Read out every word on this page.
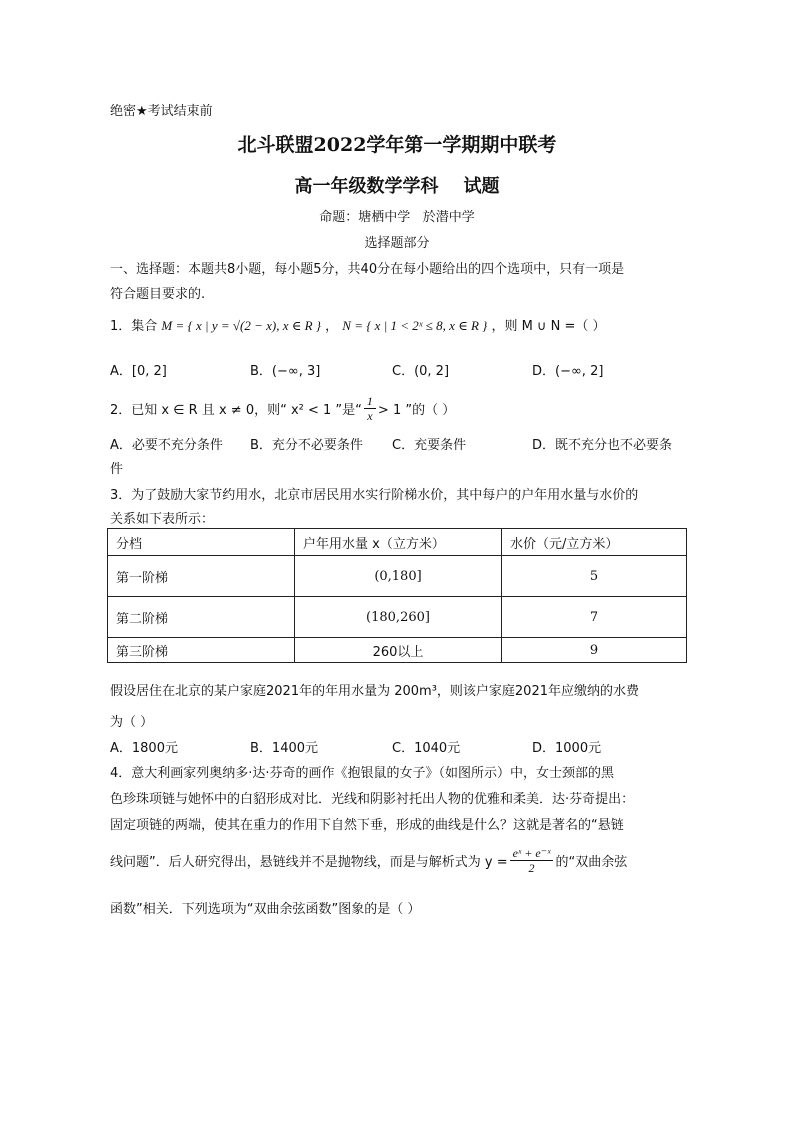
绝密★考试结束前
北斗联盟2022学年第一学期期中联考
高一年级数学学科    试题
命题：塘栖中学   於潜中学
选择题部分
一、选择题：本题共8小题，每小题5分，共40分在每小题给出的四个选项中，只有一项是
符合题目要求的.
1．集合 M = { x | y = √(2 − x), x ∈ R } ， N = { x | 1 < 2ˣ ≤ 8, x ∈ R } ，则 M ∪ N =（ ）
A．[0, 2]	B．(−∞, 3]	C．(0, 2]	D．(−∞, 2]
2．已知 x ∈ R 且 x ≠ 0，则“ x² < 1 ”是“ $\frac{1}{x} > 1$ ”的（ ）
A．必要不充分条件 B．充分不必要条件 C．充要条件	D．既不充分也不必要条
件
3．为了鼓励大家节约用水，北京市居民用水实行阶梯水价，其中每户的户年用水量与水价的
关系如下表所示：
分档	户年用水量 x（立方米）	水价（元/立方米）
第一阶梯	(0,180]	5
第二阶梯	(180,260]	7
第三阶梯	260以上	9
假设居住在北京的某户家庭2021年的年用水量为 200m³，则该户家庭2021年应缴纳的水费
为（ ）
A．1800元	B．1400元	C．1040元	D．1000元
4．意大利画家列奥纳多·达·芬奇的画作《抱银鼠的女子》（如图所示）中，女士颈部的黑
色珍珠项链与她怀中的白貂形成对比．光线和阴影衬托出人物的优雅和柔美．达·芬奇提出：
固定项链的两端，使其在重力的作用下自然下垂，形成的曲线是什么？这就是著名的“悬链
线问题”．后人研究得出，悬链线并不是抛物线，而是与解析式为 $y = \frac{\text{eˣ + e⁻ˣ}}{2}$ 的“双曲余弦
函数”相关．下列选项为“双曲余弦函数”图象的是（ ）
